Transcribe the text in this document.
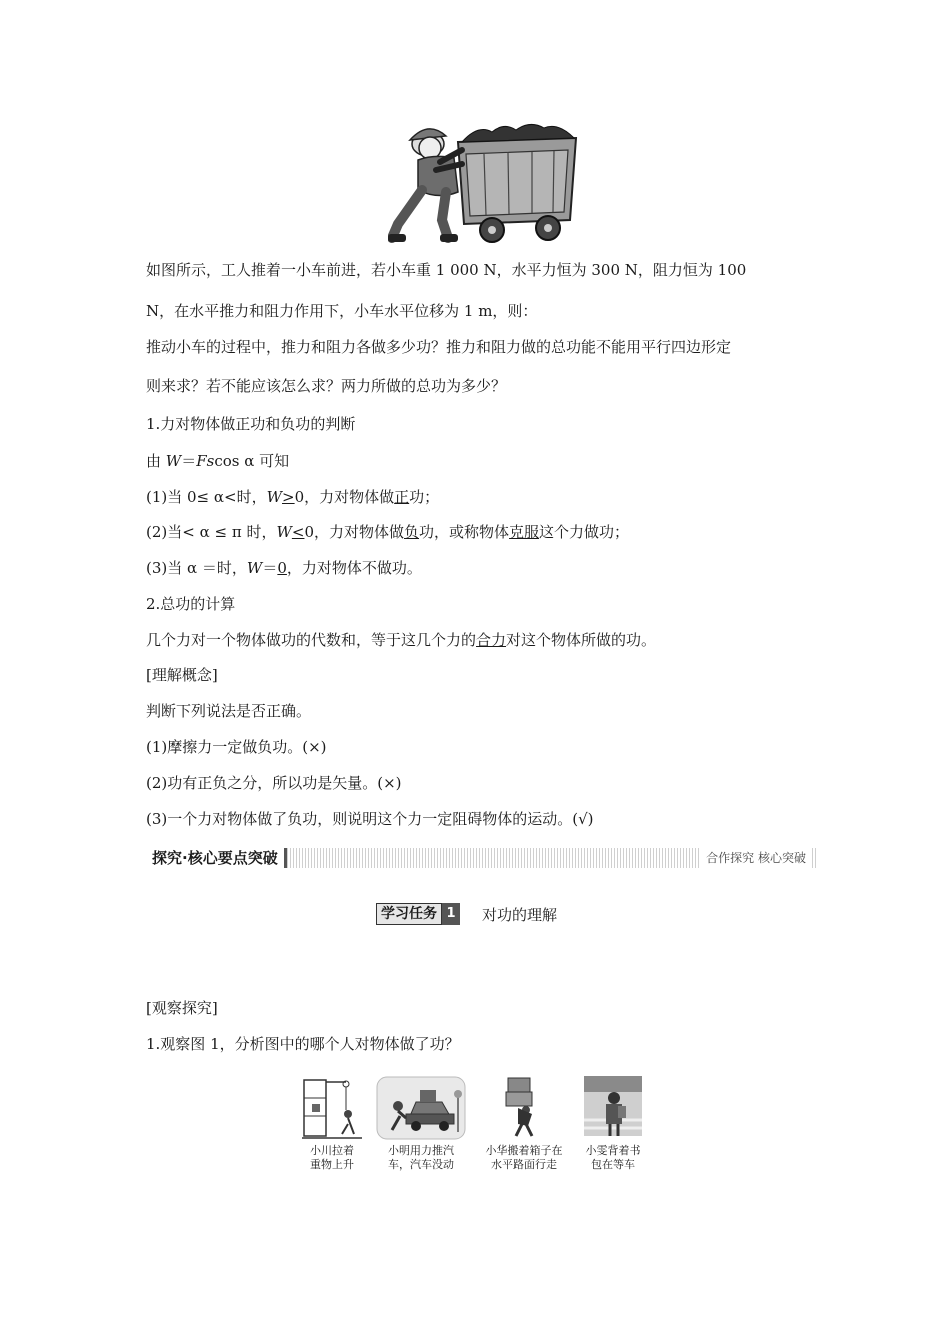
如图所示，工人推着一小车前进，若小车重 1 000 N，水平力恒为 300 N，阻力恒为 100
N，在水平推力和阻力作用下，小车水平位移为 1 m，则：
推动小车的过程中，推力和阻力各做多少功？推力和阻力做的总功能不能用平行四边形定
则来求？若不能应该怎么求？两力所做的总功为多少？
1.力对物体做正功和负功的判断
由 W＝Fscos α 可知
(1)当 0≤ α<时，W>0，力对物体做正功；
(2)当< α ≤ π 时，W<0，力对物体做负功，或称物体克服这个力做功；
(3)当 α ＝时，W＝0，力对物体不做功。
2.总功的计算
几个力对一个物体做功的代数和，等于这几个力的合力对这个物体所做的功。
[理解概念]
判断下列说法是否正确。
(1)摩擦力一定做负功。(×)
(2)功有正负之分，所以功是矢量。(×)
(3)一个力对物体做了负功，则说明这个力一定阻碍物体的运动。(√)
探究·核心要点突破	合作探究 核心突破
学习任务 1 对功的理解
[观察探究]
1.观察图 1，分析图中的哪个人对物体做了功？
小川拉着
重物上升
小明用力推汽
车，汽车没动
小华搬着箱子在
水平路面行走
小雯背着书
包在等车
